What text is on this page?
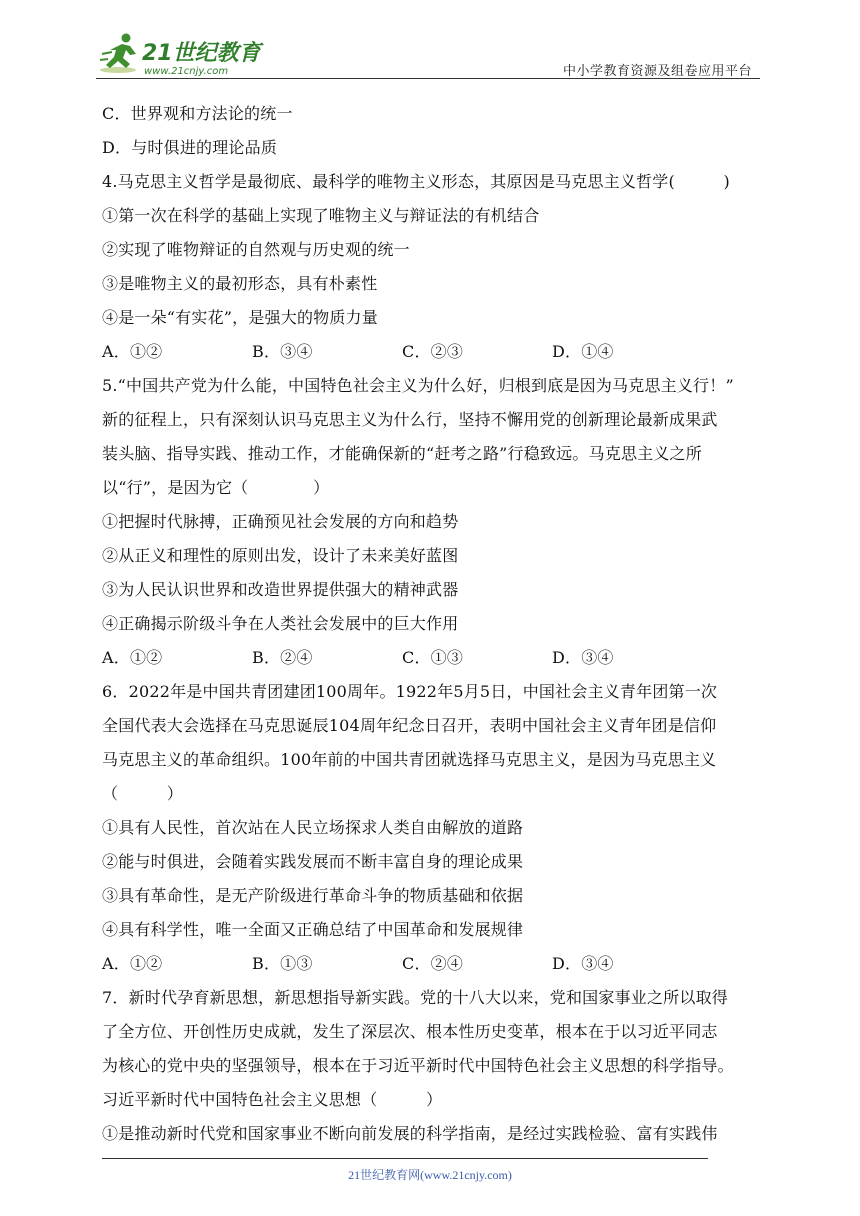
21世纪教育
www.21cnjy.com	中小学教育资源及组卷应用平台
C．世界观和方法论的统一
D．与时俱进的理论品质
4.马克思主义哲学是最彻底、最科学的唯物主义形态，其原因是马克思主义哲学(　　　)
①第一次在科学的基础上实现了唯物主义与辩证法的有机结合
②实现了唯物辩证的自然观与历史观的统一
③是唯物主义的最初形态，具有朴素性
④是一朵“有实花”，是强大的物质力量
A．①②	B．③④	C．②③	D．①④
5.“中国共产党为什么能，中国特色社会主义为什么好，归根到底是因为马克思主义行！”
新的征程上，只有深刻认识马克思主义为什么行，坚持不懈用党的创新理论最新成果武
装头脑、指导实践、推动工作，才能确保新的“赶考之路”行稳致远。马克思主义之所
以“行”，是因为它（　　　　）
①把握时代脉搏，正确预见社会发展的方向和趋势
②从正义和理性的原则出发，设计了未来美好蓝图
③为人民认识世界和改造世界提供强大的精神武器
④正确揭示阶级斗争在人类社会发展中的巨大作用
A．①②	B．②④	C．①③	D．③④
6．2022年是中国共青团建团100周年。1922年5月5日，中国社会主义青年团第一次
全国代表大会选择在马克思诞辰104周年纪念日召开，表明中国社会主义青年团是信仰
马克思主义的革命组织。100年前的中国共青团就选择马克思主义，是因为马克思主义
（　　　）
①具有人民性，首次站在人民立场探求人类自由解放的道路
②能与时俱进，会随着实践发展而不断丰富自身的理论成果
③具有革命性，是无产阶级进行革命斗争的物质基础和依据
④具有科学性，唯一全面又正确总结了中国革命和发展规律
A．①②	B．①③	C．②④	D．③④
7．新时代孕育新思想，新思想指导新实践。党的十八大以来，党和国家事业之所以取得
了全方位、开创性历史成就，发生了深层次、根本性历史变革，根本在于以习近平同志
为核心的党中央的坚强领导，根本在于习近平新时代中国特色社会主义思想的科学指导。
习近平新时代中国特色社会主义思想（　　　）
①是推动新时代党和国家事业不断向前发展的科学指南，是经过实践检验、富有实践伟
21世纪教育网(www.21cnjy.com)
